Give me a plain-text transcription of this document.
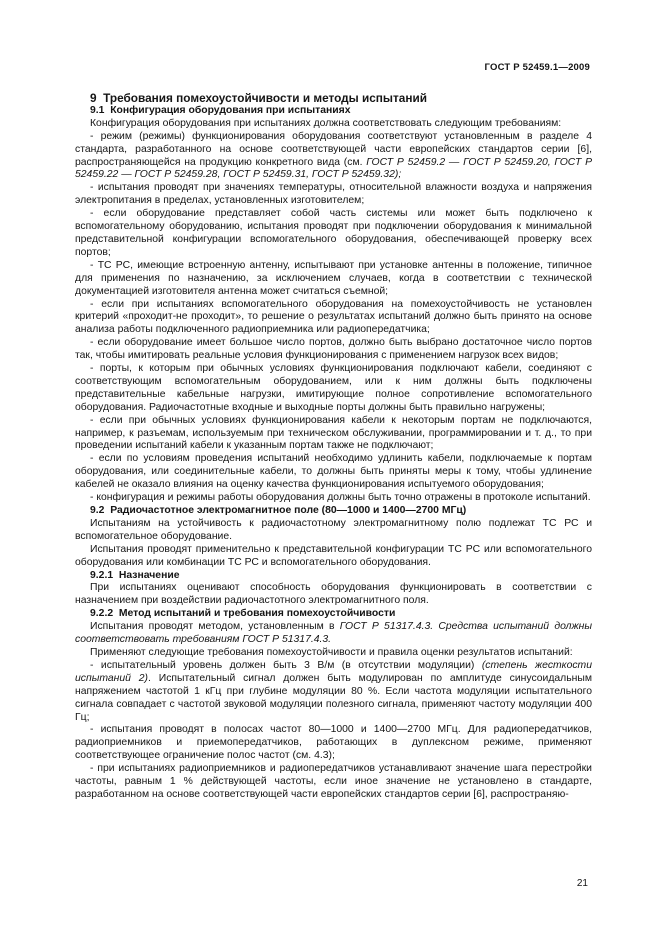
ГОСТ Р 52459.1—2009

9  Требования помехоустойчивости и методы испытаний

9.1  Конфигурация оборудования при испытаниях

Конфигурация оборудования при испытаниях должна соответствовать следующим требованиям:

- режим (режимы) функционирования оборудования соответствуют установленным в разделе 4 стандарта, разработанного на основе соответствующей части европейских стандартов серии [6], распространяющейся на продукцию конкретного вида (см. ГОСТ Р 52459.2 — ГОСТ Р 52459.20, ГОСТ Р 52459.22 — ГОСТ Р 52459.28, ГОСТ Р 52459.31, ГОСТ Р 52459.32);

- испытания проводят при значениях температуры, относительной влажности воздуха и напряжения электропитания в пределах, установленных изготовителем;

- если оборудование представляет собой часть системы или может быть подключено к вспомогательному оборудованию, испытания проводят при подключении оборудования к минимальной представительной конфигурации вспомогательного оборудования, обеспечивающей проверку всех портов;

- ТС РС, имеющие встроенную антенну, испытывают при установке антенны в положение, типичное для применения по назначению, за исключением случаев, когда в соответствии с технической документацией изготовителя антенна может считаться съемной;

- если при испытаниях вспомогательного оборудования на помехоустойчивость не установлен критерий «проходит-не проходит», то решение о результатах испытаний должно быть принято на основе анализа работы подключенного радиоприемника или радиопередатчика;

- если оборудование имеет большое число портов, должно быть выбрано достаточное число портов так, чтобы имитировать реальные условия функционирования с применением нагрузок всех видов;

- порты, к которым при обычных условиях функционирования подключают кабели, соединяют с соответствующим вспомогательным оборудованием, или к ним должны быть подключены представительные кабельные нагрузки, имитирующие полное сопротивление вспомогательного оборудования. Радиочастотные входные и выходные порты должны быть правильно нагружены;

- если при обычных условиях функционирования кабели к некоторым портам не подключаются, например, к разъемам, используемым при техническом обслуживании, программировании и т. д., то при проведении испытаний кабели к указанным портам также не подключают;

- если по условиям проведения испытаний необходимо удлинить кабели, подключаемые к портам оборудования, или соединительные кабели, то должны быть приняты меры к тому, чтобы удлинение кабелей не оказало влияния на оценку качества функционирования испытуемого оборудования;

- конфигурация и режимы работы оборудования должны быть точно отражены в протоколе испытаний.

9.2  Радиочастотное электромагнитное поле (80—1000 и 1400—2700 МГц)

Испытаниям на устойчивость к радиочастотному электромагнитному полю подлежат ТС РС и вспомогательное оборудование.

Испытания проводят применительно к представительной конфигурации ТС РС или вспомогательного оборудования или комбинации ТС РС и вспомогательного оборудования.

9.2.1  Назначение

При испытаниях оценивают способность оборудования функционировать в соответствии с назначением при воздействии радиочастотного электромагнитного поля.

9.2.2  Метод испытаний и требования помехоустойчивости

Испытания проводят методом, установленным в ГОСТ Р 51317.4.3. Средства испытаний должны соответствовать требованиям ГОСТ Р 51317.4.3.

Применяют следующие требования помехоустойчивости и правила оценки результатов испытаний:

- испытательный уровень должен быть 3 В/м (в отсутствии модуляции) (степень жесткости испытаний 2). Испытательный сигнал должен быть модулирован по амплитуде синусоидальным напряжением частотой 1 кГц при глубине модуляции 80 %. Если частота модуляции испытательного сигнала совпадает с частотой звуковой модуляции полезного сигнала, применяют частоту модуляции 400 Гц;

- испытания проводят в полосах частот 80—1000 и 1400—2700 МГц. Для радиопередатчиков, радиоприемников и приемопередатчиков, работающих в дуплексном режиме, применяют соответствующее ограничение полос частот (см. 4.3);

- при испытаниях радиоприемников и радиопередатчиков устанавливают значение шага перестройки частоты, равным 1 % действующей частоты, если иное значение не установлено в стандарте, разработанном на основе соответствующей части европейских стандартов серии [6], распространяю-

21
